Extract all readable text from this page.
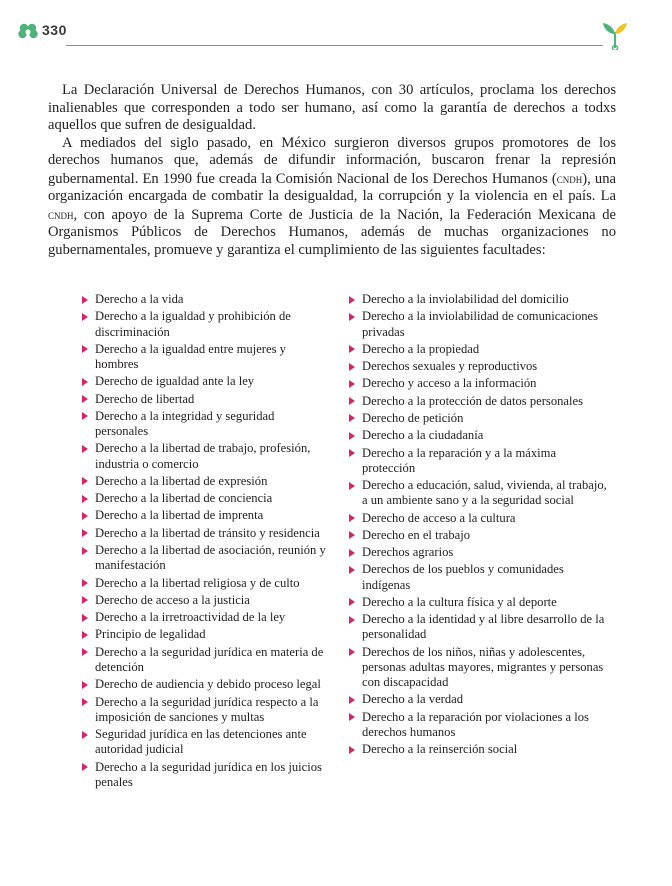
330

La Declaración Universal de Derechos Humanos, con 30 artículos, proclama los derechos inalienables que corresponden a todo ser humano, así como la garantía de derechos a todxs aquellos que sufren de desigualdad.

A mediados del siglo pasado, en México surgieron diversos grupos promotores de los derechos humanos que, además de difundir información, buscaron frenar la represión gubernamental. En 1990 fue creada la Comisión Nacional de los Derechos Humanos (cndh), una organización encargada de combatir la desigualdad, la corrupción y la violencia en el país. La cndh, con apoyo de la Suprema Corte de Justicia de la Nación, la Federación Mexicana de Organismos Públicos de Derechos Humanos, además de muchas organizaciones no gubernamentales, promueve y garantiza el cumplimiento de las siguientes facultades:

Derecho a la vida
Derecho a la igualdad y prohibición de discriminación
Derecho a la igualdad entre mujeres y hombres
Derecho de igualdad ante la ley
Derecho de libertad
Derecho a la integridad y seguridad personales
Derecho a la libertad de trabajo, profesión, industria o comercio
Derecho a la libertad de expresión
Derecho a la libertad de conciencia
Derecho a la libertad de imprenta
Derecho a la libertad de tránsito y residencia
Derecho a la libertad de asociación, reunión y manifestación
Derecho a la libertad religiosa y de culto
Derecho de acceso a la justicia
Derecho a la irretroactividad de la ley
Principio de legalidad
Derecho a la seguridad jurídica en materia de detención
Derecho de audiencia y debido proceso legal
Derecho a la seguridad jurídica respecto a la imposición de sanciones y multas
Seguridad jurídica en las detenciones ante autoridad judicial
Derecho a la seguridad jurídica en los juicios penales
Derecho a la inviolabilidad del domicilio
Derecho a la inviolabilidad de comunicaciones privadas
Derecho a la propiedad
Derechos sexuales y reproductivos
Derecho y acceso a la información
Derecho a la protección de datos personales
Derecho de petición
Derecho a la ciudadanía
Derecho a la reparación y a la máxima protección
Derecho a educación, salud, vivienda, al trabajo, a un ambiente sano y a la seguridad social
Derecho de acceso a la cultura
Derecho en el trabajo
Derechos agrarios
Derechos de los pueblos y comunidades indígenas
Derecho a la cultura física y al deporte
Derecho a la identidad y al libre desarrollo de la personalidad
Derechos de los niños, niñas y adolescentes, personas adultas mayores, migrantes y personas con discapacidad
Derecho a la verdad
Derecho a la reparación por violaciones a los derechos humanos
Derecho a la reinserción social
